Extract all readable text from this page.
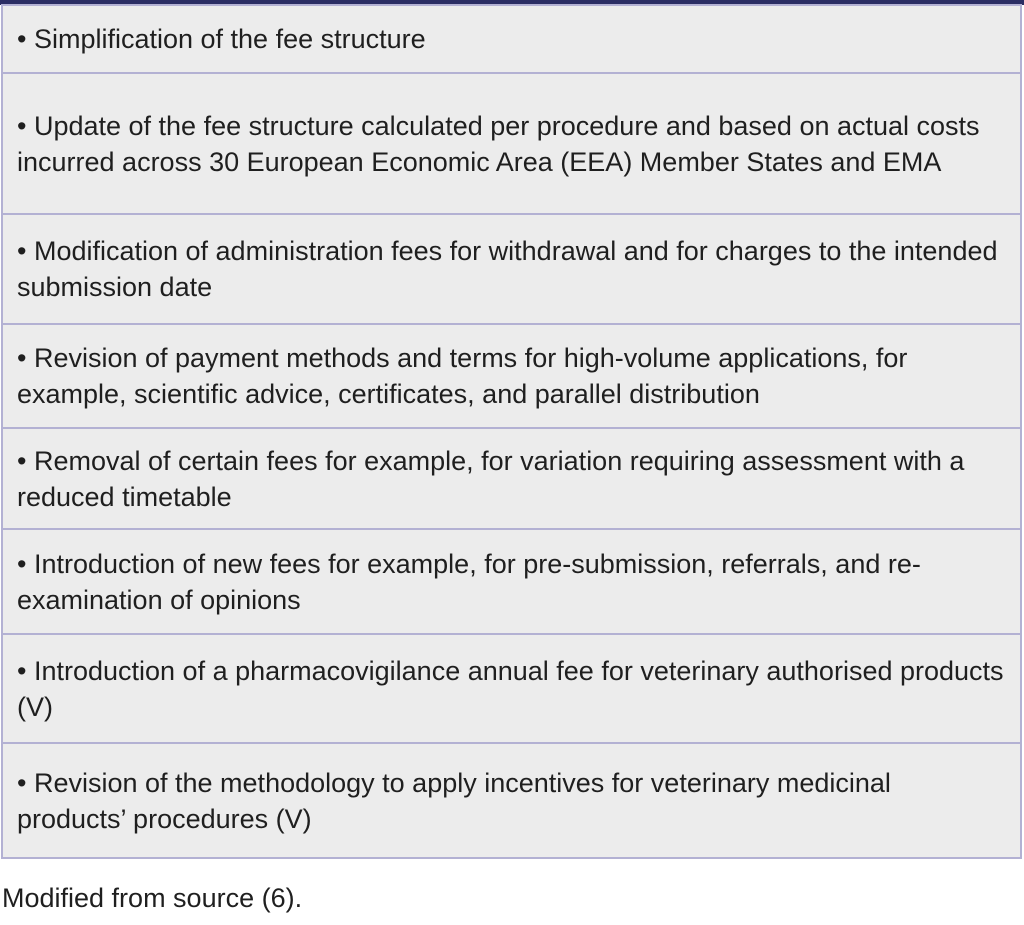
• Simplification of the fee structure
• Update of the fee structure calculated per procedure and based on actual costs incurred across 30 European Economic Area (EEA) Member States and EMA
• Modification of administration fees for withdrawal and for charges to the intended submission date
• Revision of payment methods and terms for high-volume applications, for example, scientific advice, certificates, and parallel distribution
• Removal of certain fees for example, for variation requiring assessment with a reduced timetable
• Introduction of new fees for example, for pre-submission, referrals, and re-examination of opinions
• Introduction of a pharmacovigilance annual fee for veterinary authorised products (V)
• Revision of the methodology to apply incentives for veterinary medicinal products’ procedures (V)
Modified from source (6).
